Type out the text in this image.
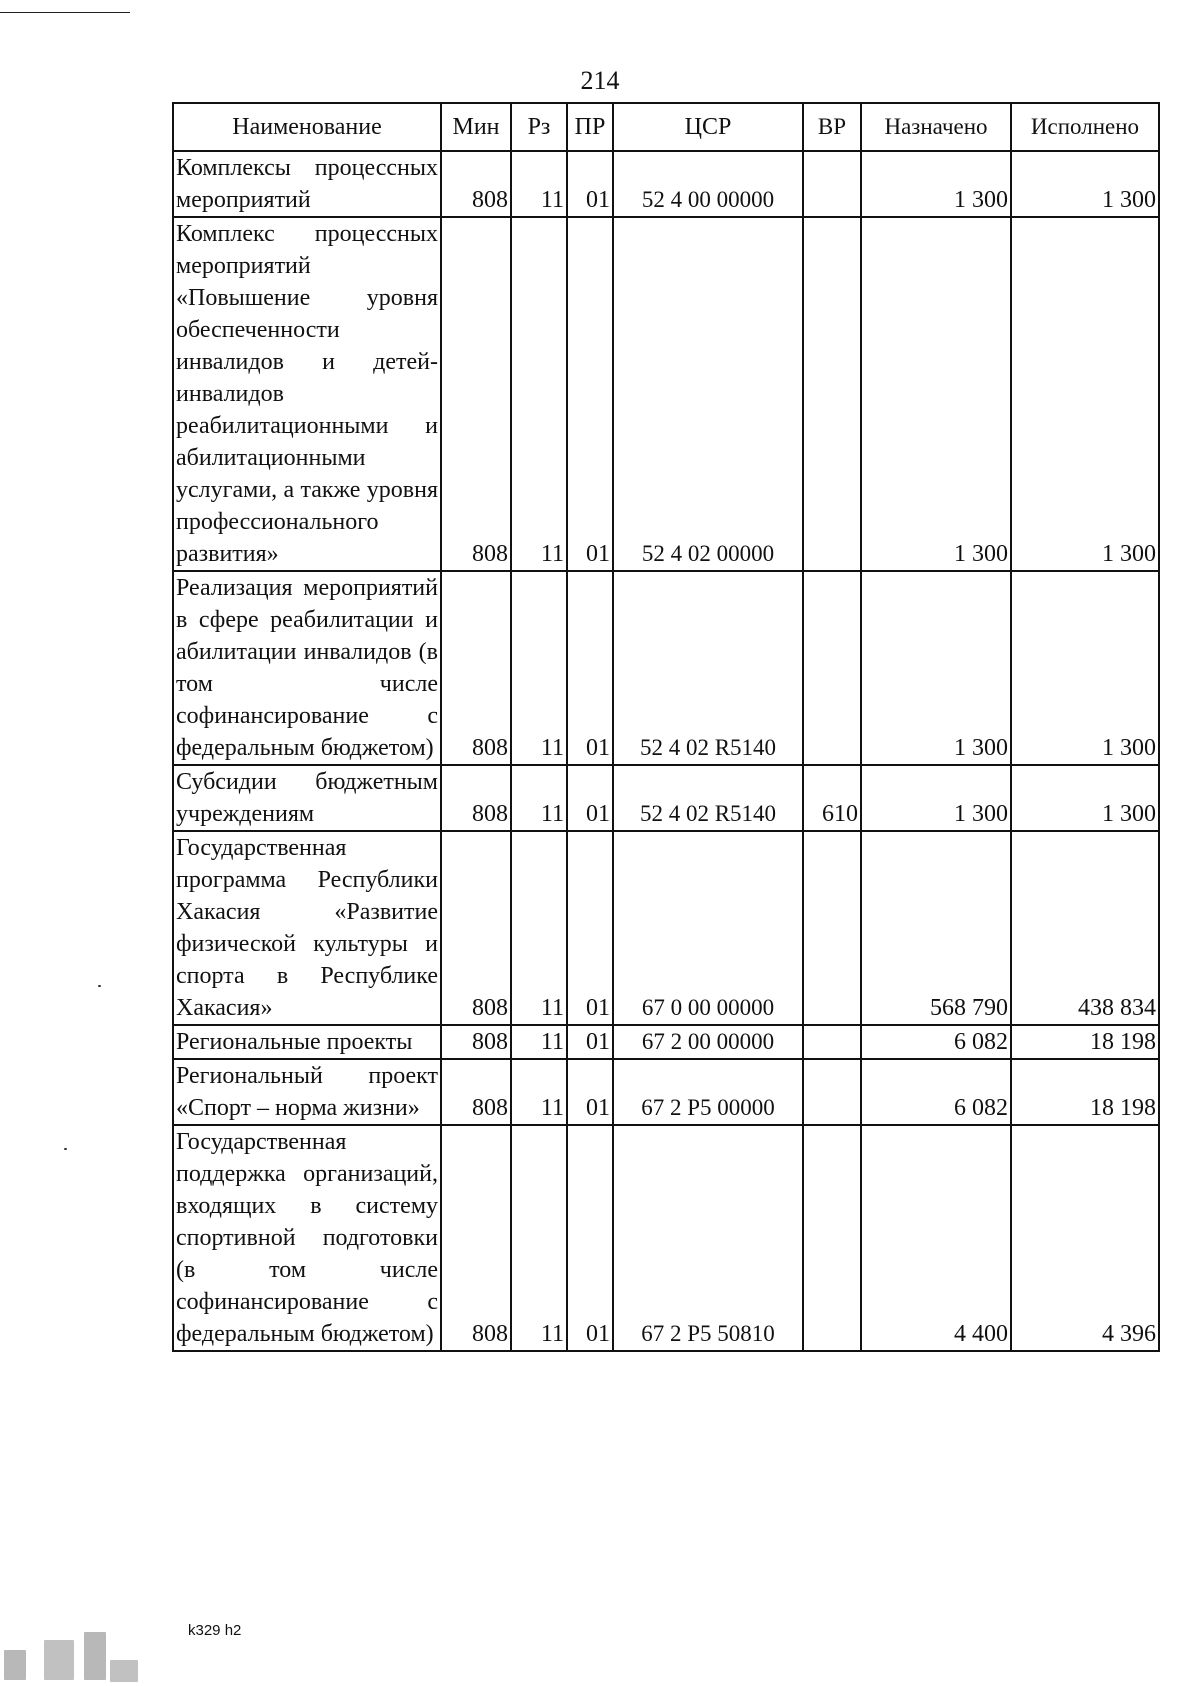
214
Наименование	Мин	Рз	ПР	ЦСР	ВР	Назначено	Исполнено
Комплексы процессных мероприятий	808	11	01	52 4 00 00000		1 300	1 300
Комплекс процессных мероприятий «Повышение уровня обеспеченности инвалидов и детей-инвалидов реабилитационными и абилитационными услугами, а также уровня профессионального развития»	808	11	01	52 4 02 00000		1 300	1 300
Реализация мероприятий в сфере реабилитации и абилитации инвалидов (в том числе софинансирование с федеральным бюджетом)	808	11	01	52 4 02 R5140		1 300	1 300
Субсидии бюджетным учреждениям	808	11	01	52 4 02 R5140	610	1 300	1 300
Государственная программа Республики Хакасия «Развитие физической культуры и спорта в Республике Хакасия»	808	11	01	67 0 00 00000		568 790	438 834
Региональные проекты	808	11	01	67 2 00 00000		6 082	18 198
Региональный проект «Спорт – норма жизни»	808	11	01	67 2 P5 00000		6 082	18 198
Государственная поддержка организаций, входящих в систему спортивной подготовки (в том числе софинансирование с федеральным бюджетом)	808	11	01	67 2 P5 50810		4 400	4 396
k329 h2
